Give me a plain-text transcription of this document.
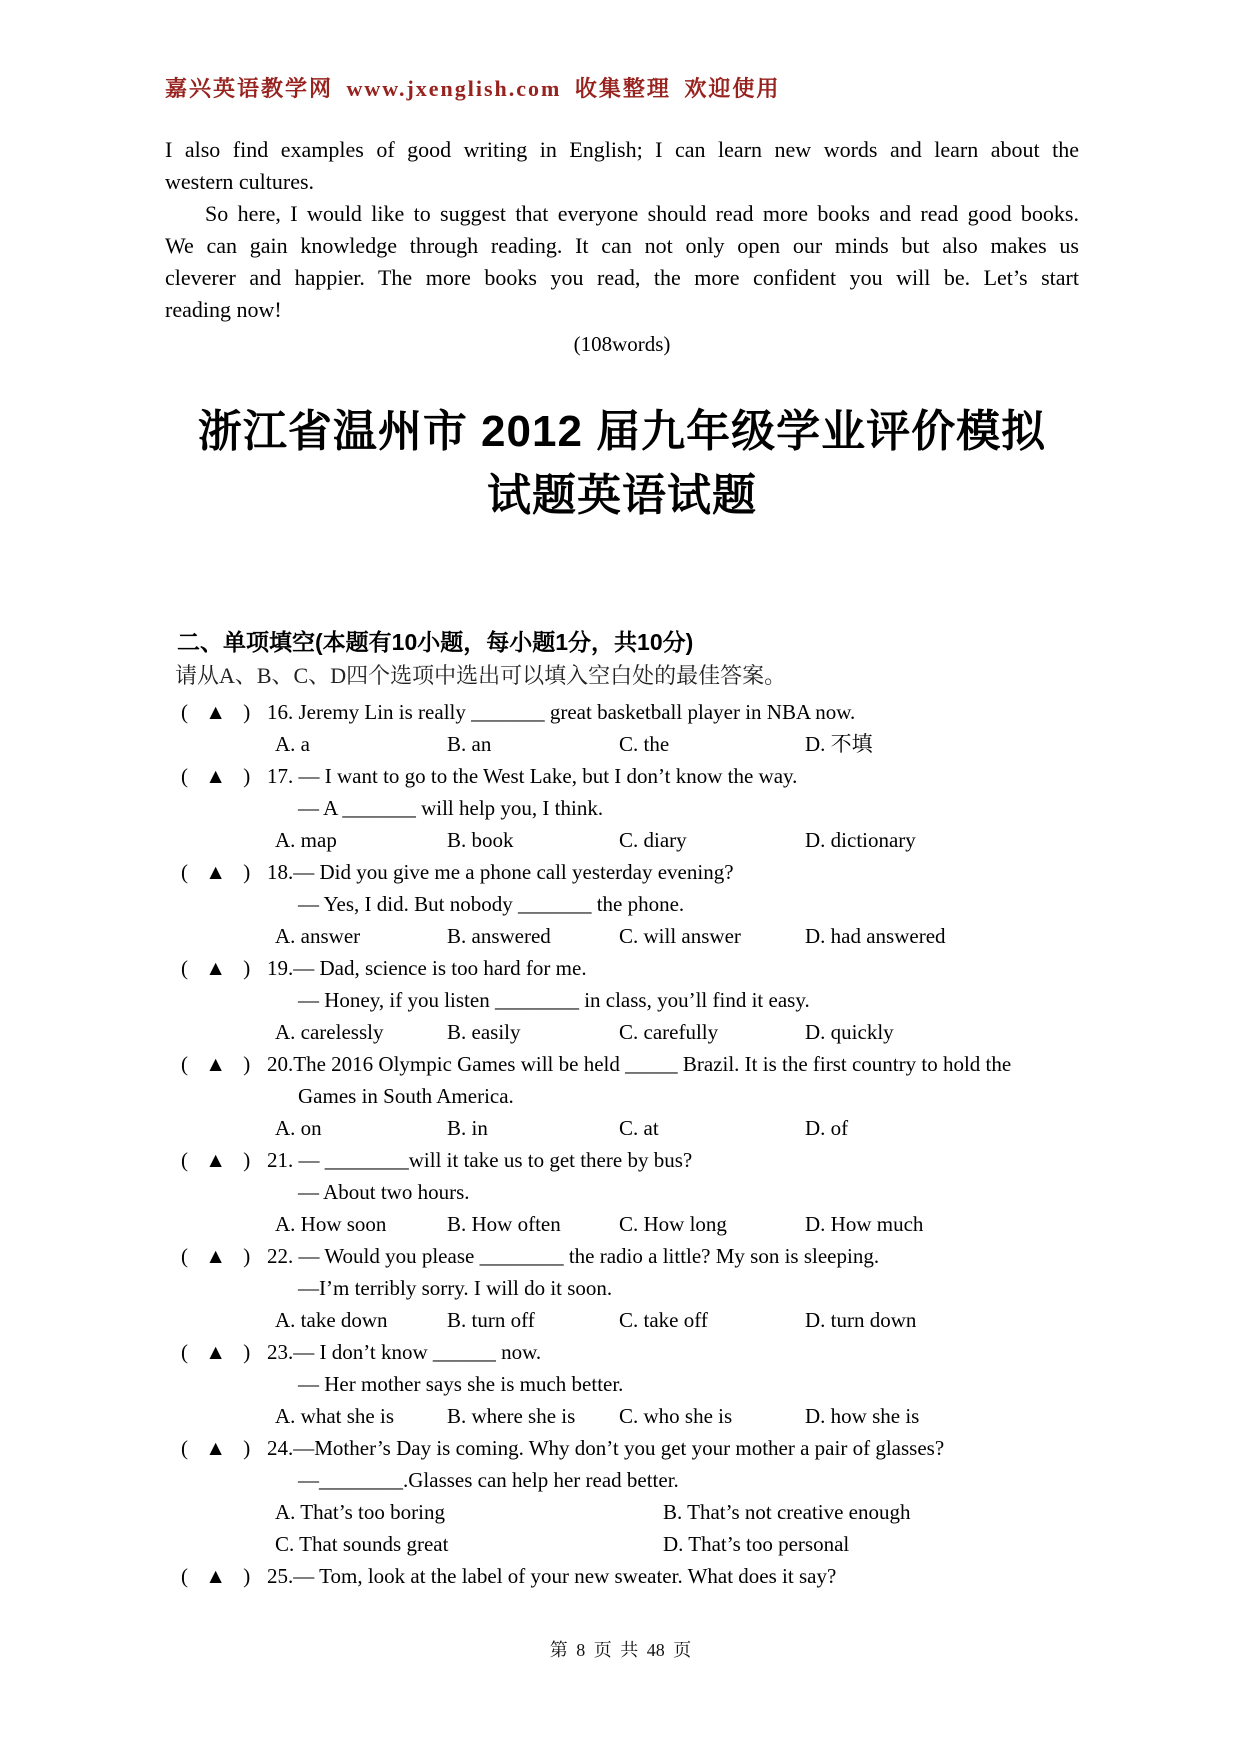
嘉兴英语教学网 www.jxenglish.com 收集整理 欢迎使用
I also find examples of good writing in English; I can learn new words and learn about the
western cultures.
So here, I would like to suggest that everyone should read more books and read good books.
We can gain knowledge through reading. It can not only open our minds but also makes us
cleverer and happier. The more books you read, the more confident you will be. Let’s start
reading now!
(108words)
浙江省温州市 2012 届九年级学业评价模拟
试题英语试题
二、单项填空(本题有10小题，每小题1分，共10分)
请从A、B、C、D四个选项中选出可以填入空白处的最佳答案。
( ▲ ) 16. Jeremy Lin is really _______ great basketball player in NBA now.
A. a	B. an	C. the	D. 不填
( ▲ ) 17. — I want to go to the West Lake, but I don’t know the way.
— A _______ will help you, I think.
A. map	B. book	C. diary	D. dictionary
( ▲ ) 18.— Did you give me a phone call yesterday evening?
— Yes, I did. But nobody _______ the phone.
A. answer	B. answered	C. will answer	D. had answered
( ▲ ) 19.— Dad, science is too hard for me.
— Honey, if you listen ________ in class, you’ll find it easy.
A. carelessly	B. easily	C. carefully	D. quickly
( ▲ ) 20.The 2016 Olympic Games will be held _____ Brazil. It is the first country to hold the
Games in South America.
A. on	B. in	C. at	D. of
( ▲ ) 21. — ________will it take us to get there by bus?
— About two hours.
A. How soon	B. How often	C. How long	D. How much
( ▲ ) 22. — Would you please ________ the radio a little? My son is sleeping.
—I’m terribly sorry. I will do it soon.
A. take down	B. turn off	C. take off	D. turn down
( ▲ ) 23.— I don’t know ______ now.
— Her mother says she is much better.
A. what she is	B. where she is	C. who she is	D. how she is
( ▲ ) 24.—Mother’s Day is coming. Why don’t you get your mother a pair of glasses?
—________.Glasses can help her read better.
A. That’s too boring	B. That’s not creative enough
C. That sounds great	D. That’s too personal
( ▲ ) 25.— Tom, look at the label of your new sweater. What does it say?
第 8 页 共 48 页
